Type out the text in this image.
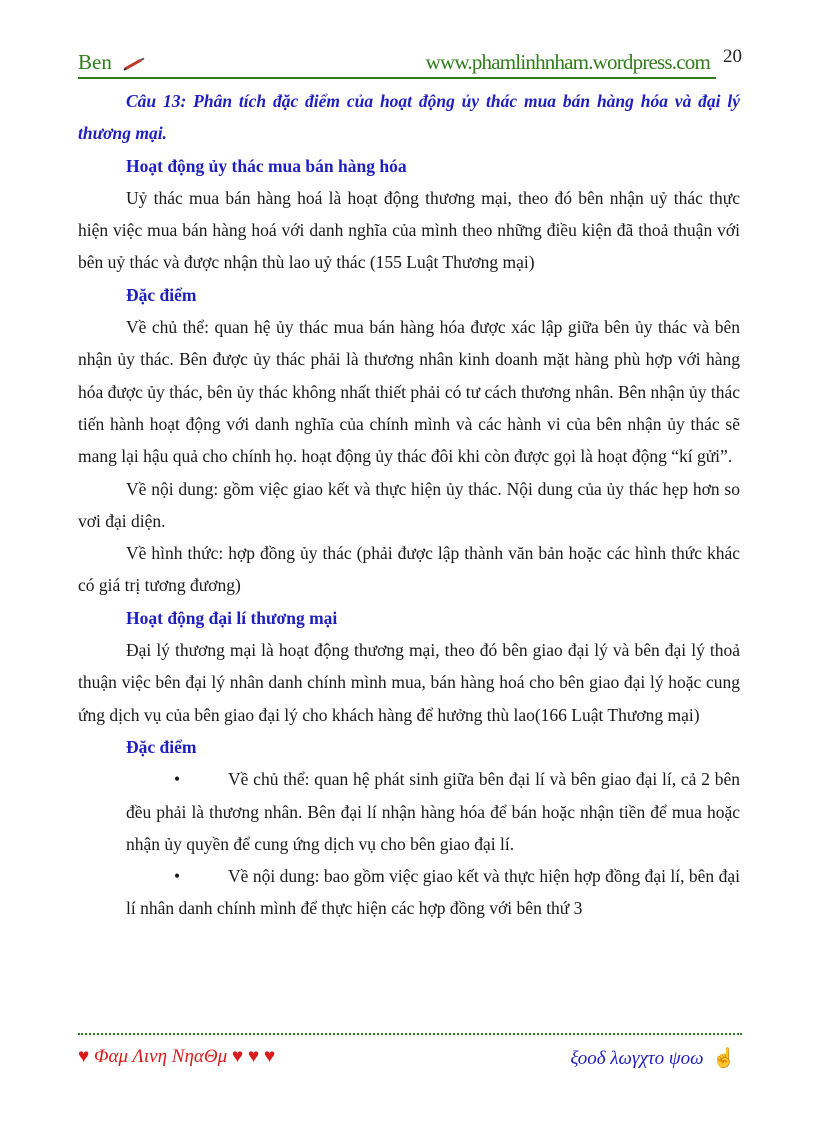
Ben	www.phamlinhnham.wordpress.com 20

Câu 13: Phân tích đặc điểm của hoạt động ủy thác mua bán hàng hóa và đại lý thương mại.

Hoạt động ủy thác mua bán hàng hóa

Uỷ thác mua bán hàng hoá là hoạt động thương mại, theo đó bên nhận uỷ thác thực hiện việc mua bán hàng hoá với danh nghĩa của mình theo những điều kiện đã thoả thuận với bên uỷ thác và được nhận thù lao uỷ thác (155 Luật Thương mại)

Đặc điểm

Về chủ thể: quan hệ ủy thác mua bán hàng hóa được xác lập giữa bên ủy thác và bên nhận ủy thác. Bên được ủy thác phải là thương nhân kinh doanh mặt hàng phù hợp với hàng hóa được ủy thác, bên ủy thác không nhất thiết phải có tư cách thương nhân. Bên nhận ủy thác tiến hành hoạt động với danh nghĩa của chính mình và các hành vi của bên nhận ủy thác sẽ mang lại hậu quả cho chính họ. hoạt động ủy thác đôi khi còn được gọi là hoạt động “kí gửi”.

Về nội dung: gồm việc giao kết và thực hiện ủy thác. Nội dung của ủy thác hẹp hơn so vơi đại diện.

Về hình thức: hợp đồng ủy thác (phải được lập thành văn bản hoặc các hình thức khác có giá trị tương đương)

Hoạt động đại lí thương mại

Đại lý thương mại là hoạt động thương mại, theo đó bên giao đại lý và bên đại lý thoả thuận việc bên đại lý nhân danh chính mình mua, bán hàng hoá cho bên giao đại lý hoặc cung ứng dịch vụ của bên giao đại lý cho khách hàng để hưởng thù lao(166 Luật Thương mại)

Đặc điểm

•	Về chủ thể: quan hệ phát sinh giữa bên đại lí và bên giao đại lí, cả 2 bên đều phải là thương nhân. Bên đại lí nhận hàng hóa để bán hoặc nhận tiền để mua hoặc nhận ủy quyền để cung ứng dịch vụ cho bên giao đại lí.

•	Về nội dung: bao gồm việc giao kết và thực hiện hợp đồng đại lí, bên đại lí nhân danh chính mình để thực hiện các hợp đồng với bên thứ 3

♥ Φαμ Λινη ΝηαΘμ ♥ ♥ ♥	ξοοδ λωγχτο ψοω ☝
